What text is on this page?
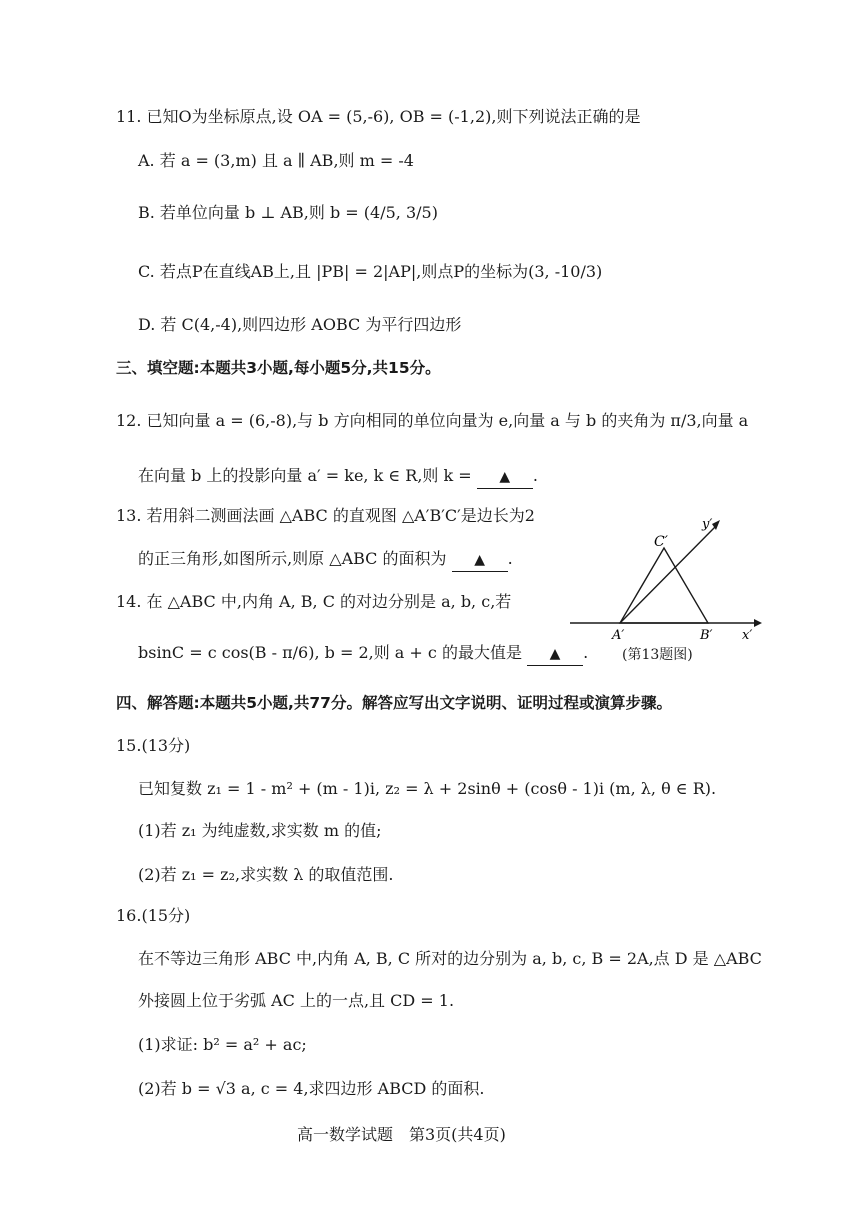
11. 已知O为坐标原点,设 OA = (5,-6), OB = (-1,2),则下列说法正确的是
A. 若 a = (3,m) 且 a ∥ AB,则 m = -4
B. 若单位向量 b ⊥ AB,则 b = (4/5, 3/5)
C. 若点P在直线AB上,且 |PB| = 2|AP|,则点P的坐标为(3, -10/3)
D. 若 C(4,-4),则四边形 AOBC 为平行四边形
三、填空题:本题共3小题,每小题5分,共15分。
12. 已知向量 a = (6,-8),与 b 方向相同的单位向量为 e,向量 a 与 b 的夹角为 π/3,向量 a
在向量 b 上的投影向量 a′ = ke, k ∈ R,则 k = ▲ .
13. 若用斜二测画法画 △ABC 的直观图 △A′B′C′是边长为2
的正三角形,如图所示,则原 △ABC 的面积为 ▲ .
14. 在 △ABC 中,内角 A, B, C 的对边分别是 a, b, c,若
bsinC = c cos(B - π/6), b = 2,则 a + c 的最大值是 ▲ .
C′
A′	B′ x′
y′
(第13题图)
四、解答题:本题共5小题,共77分。解答应写出文字说明、证明过程或演算步骤。
15.(13分)
已知复数 z₁ = 1 - m² + (m - 1)i, z₂ = λ + 2sinθ + (cosθ - 1)i (m, λ, θ ∈ R).
(1)若 z₁ 为纯虚数,求实数 m 的值;
(2)若 z₁ = z₂,求实数 λ 的取值范围.
16.(15分)
在不等边三角形 ABC 中,内角 A, B, C 所对的边分别为 a, b, c, B = 2A,点 D 是 △ABC
外接圆上位于劣弧 AC 上的一点,且 CD = 1.
(1)求证: b² = a² + ac;
(2)若 b = √3 a, c = 4,求四边形 ABCD 的面积.
高一数学试题　第3页(共4页)
